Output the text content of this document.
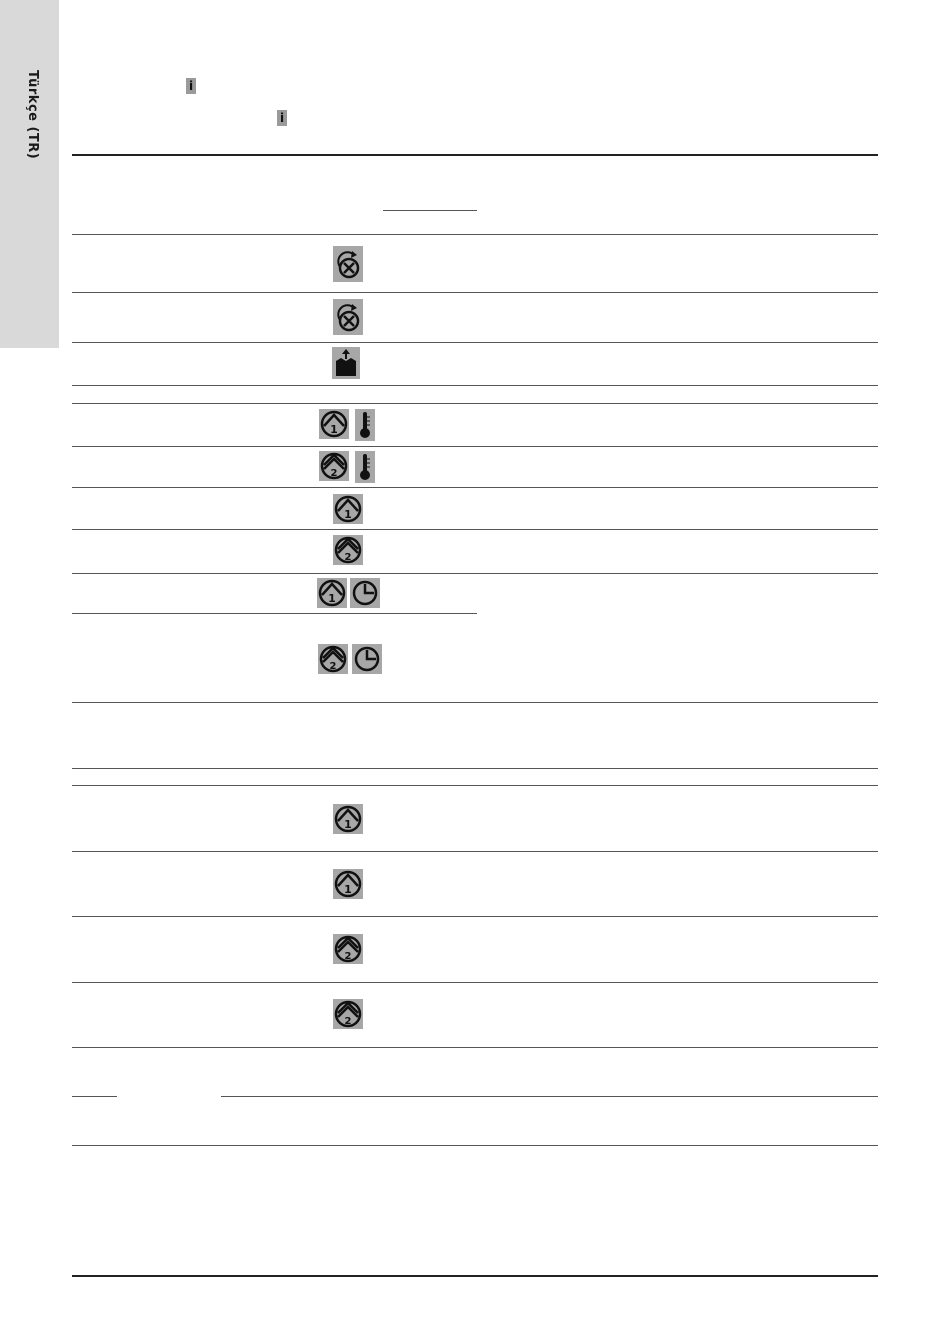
Türkçe (TR)	i
i
1
2
1
2
1
2
1
1
2
2
